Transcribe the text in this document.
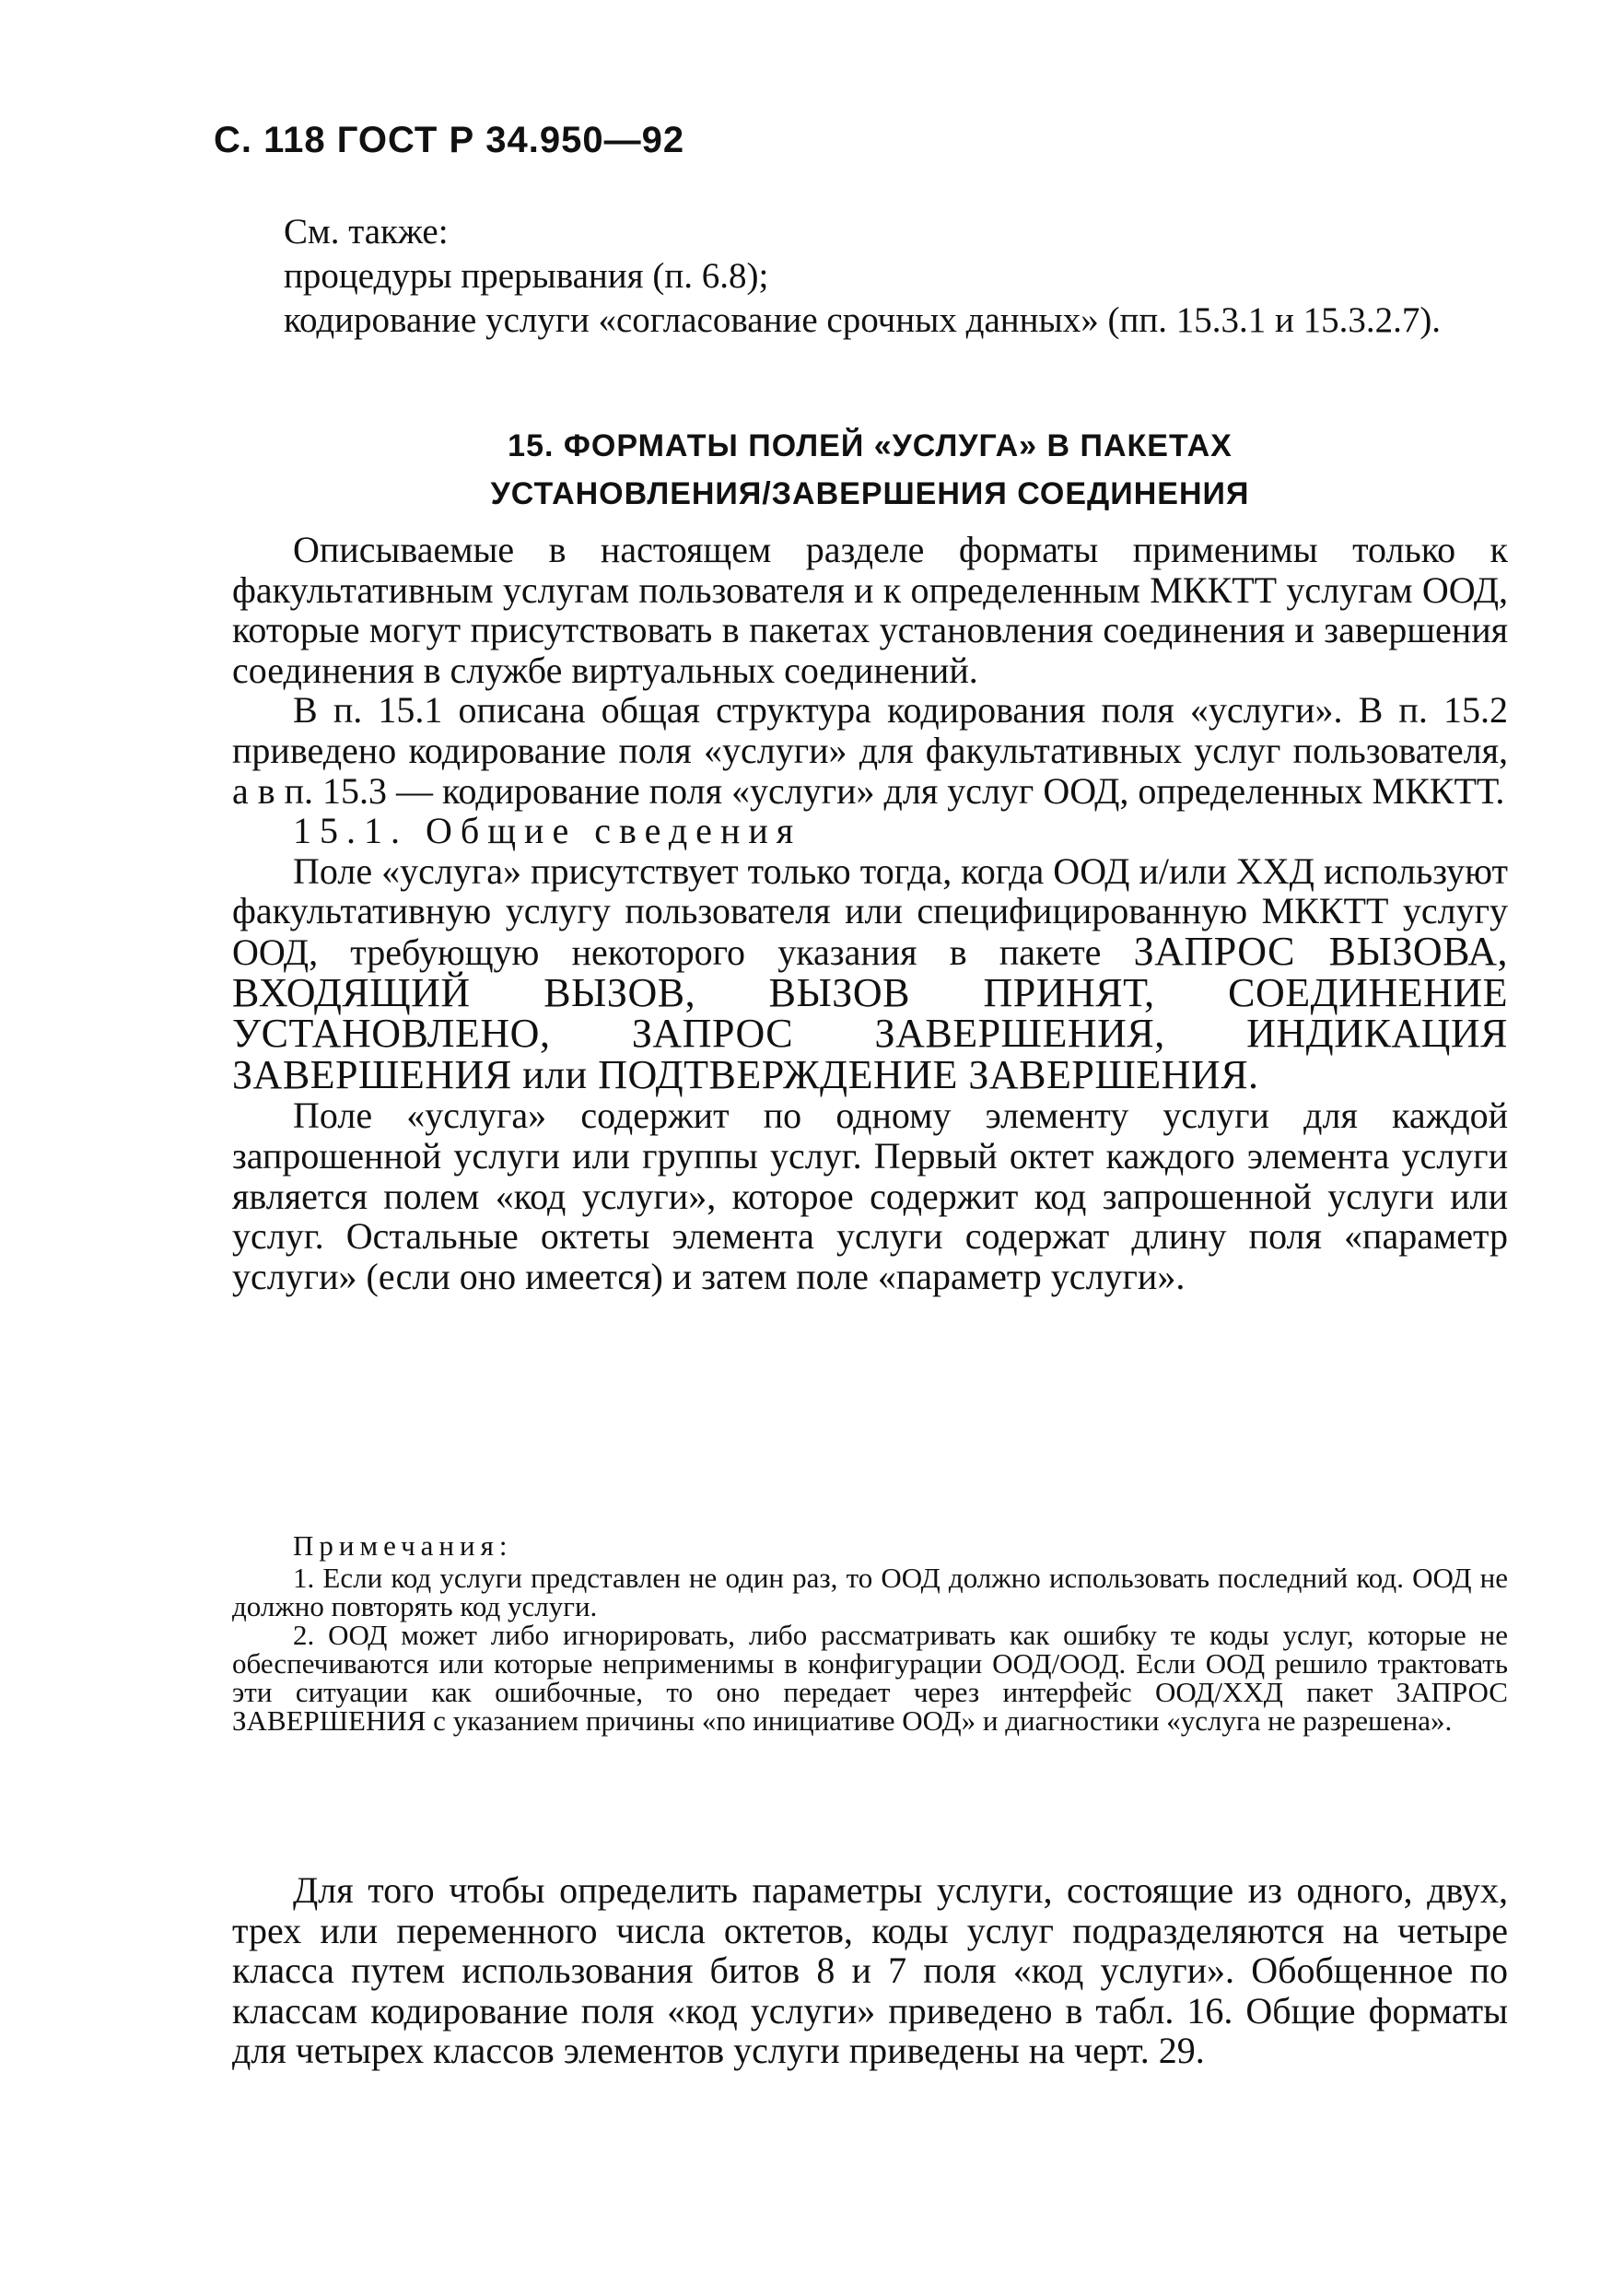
С. 118 ГОСТ Р 34.950—92

См. также:

процедуры прерывания (п. 6.8);

кодирование услуги «согласование срочных данных» (пп. 15.3.1 и 15.3.2.7).

15. ФОРМАТЫ ПОЛЕЙ «УСЛУГА» В ПАКЕТАХ
УСТАНОВЛЕНИЯ/ЗАВЕРШЕНИЯ СОЕДИНЕНИЯ

Описываемые в настоящем разделе форматы применимы только к факультативным услугам пользователя и к определенным МККТТ услугам ООД, которые могут присутствовать в пакетах установления соединения и завершения соединения в службе виртуальных соединений.

В п. 15.1 описана общая структура кодирования поля «услуги». В п. 15.2 приведено кодирование поля «услуги» для факультативных услуг пользователя, а в п. 15.3 — кодирование поля «услуги» для услуг ООД, определенных МККТТ.

15.1. Общие сведения

Поле «услуга» присутствует только тогда, когда ООД и/или ХХД используют факультативную услугу пользователя или специфицированную МККТТ услугу ООД, требующую некоторого указания в пакете ЗАПРОС ВЫЗОВА, ВХОДЯЩИЙ ВЫЗОВ, ВЫЗОВ ПРИНЯТ, СОЕДИНЕНИЕ УСТАНОВЛЕНО, ЗАПРОС ЗАВЕРШЕНИЯ, ИНДИКАЦИЯ ЗАВЕРШЕНИЯ или ПОДТВЕРЖДЕНИЕ ЗАВЕРШЕНИЯ.

Поле «услуга» содержит по одному элементу услуги для каждой запрошенной услуги или группы услуг. Первый октет каждого элемента услуги является полем «код услуги», которое содержит код запрошенной услуги или услуг. Остальные октеты элемента услуги содержат длину поля «параметр услуги» (если оно имеется) и затем поле «параметр услуги».

Примечания:

1. Если код услуги представлен не один раз, то ООД должно использовать последний код. ООД не должно повторять код услуги.

2. ООД может либо игнорировать, либо рассматривать как ошибку те коды услуг, которые не обеспечиваются или которые неприменимы в конфигурации ООД/ООД. Если ООД решило трактовать эти ситуации как ошибочные, то оно передает через интерфейс ООД/ХХД пакет ЗАПРОС ЗАВЕРШЕНИЯ с указанием причины «по инициативе ООД» и диагностики «услуга не разрешена».

Для того чтобы определить параметры услуги, состоящие из одного, двух, трех или переменного числа октетов, коды услуг подразделяются на четыре класса путем использования битов 8 и 7 поля «код услуги». Обобщенное по классам кодирование поля «код услуги» приведено в табл. 16. Общие форматы для четырех классов элементов услуги приведены на черт. 29.
